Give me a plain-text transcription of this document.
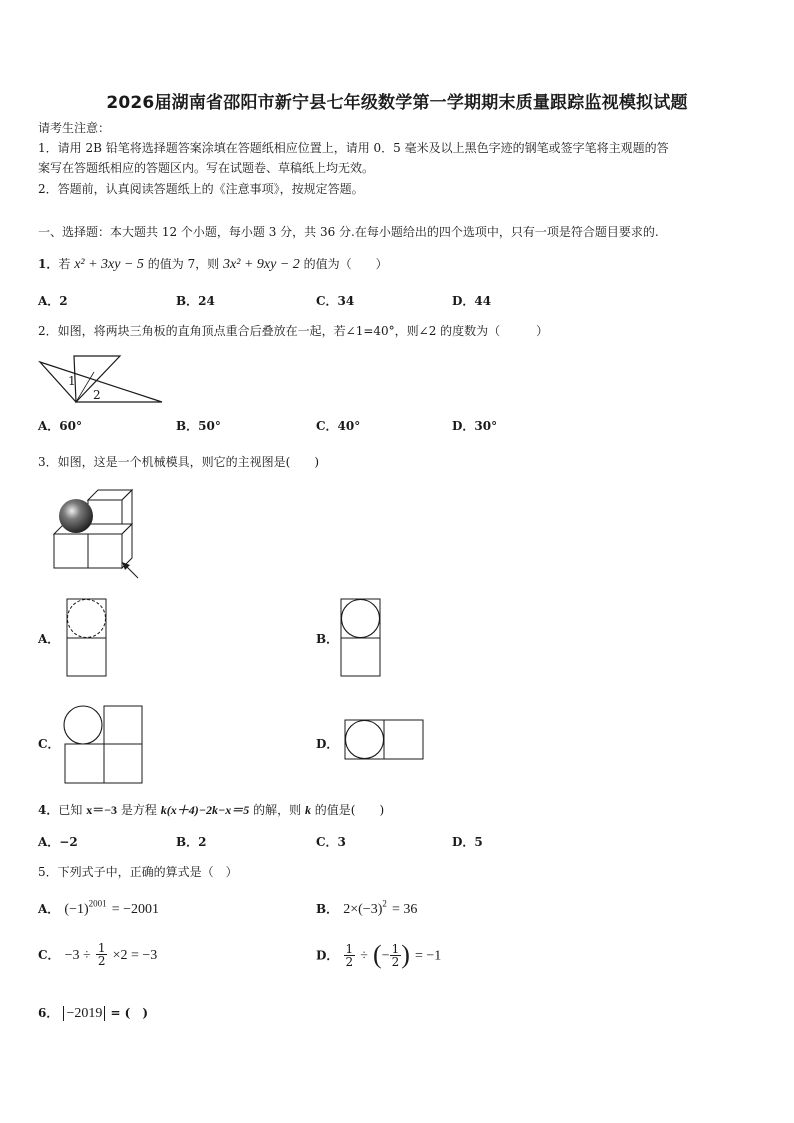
2026届湖南省邵阳市新宁县七年级数学第一学期期末质量跟踪监视模拟试题
请考生注意：
1．请用 2B 铅笔将选择题答案涂填在答题纸相应位置上，请用 0．5 毫米及以上黑色字迹的钢笔或签字笔将主观题的答
案写在答题纸相应的答题区内。写在试题卷、草稿纸上均无效。
2．答题前，认真阅读答题纸上的《注意事项》，按规定答题。
一、选择题：本大题共 12 个小题，每小题 3 分，共 36 分.在每小题给出的四个选项中，只有一项是符合题目要求的.
1．若 x² + 3xy − 5 的值为 7，则 3x² + 9xy − 2 的值为（　　）
A．2	B．24	C．34	D．44
2．如图，将两块三角板的直角顶点重合后叠放在一起，若∠1=40°，则∠2 的度数为（　　　）
1
2
A．60°	B．50°	C．40°	D．30°
3．如图，这是一个机械模具，则它的主视图是(　　)
A．	B．
C．	D．
4．已知 x＝−3 是方程 k(x＋4)−2k−x＝5 的解，则 k 的值是(　　)
A．−2	B．2	C．3	D．5
5．下列式子中，正确的算式是（　）
A． $(-1)^{2001} = -2001$	B． $2\times(-3)^2 = 36$
C． $-3 \div \frac{1}{2} \times 2 = -3$	D． $\frac{1}{2}$ ÷ (− $\frac{1}{2}$ ) = −1
6． −2019 = (　)
